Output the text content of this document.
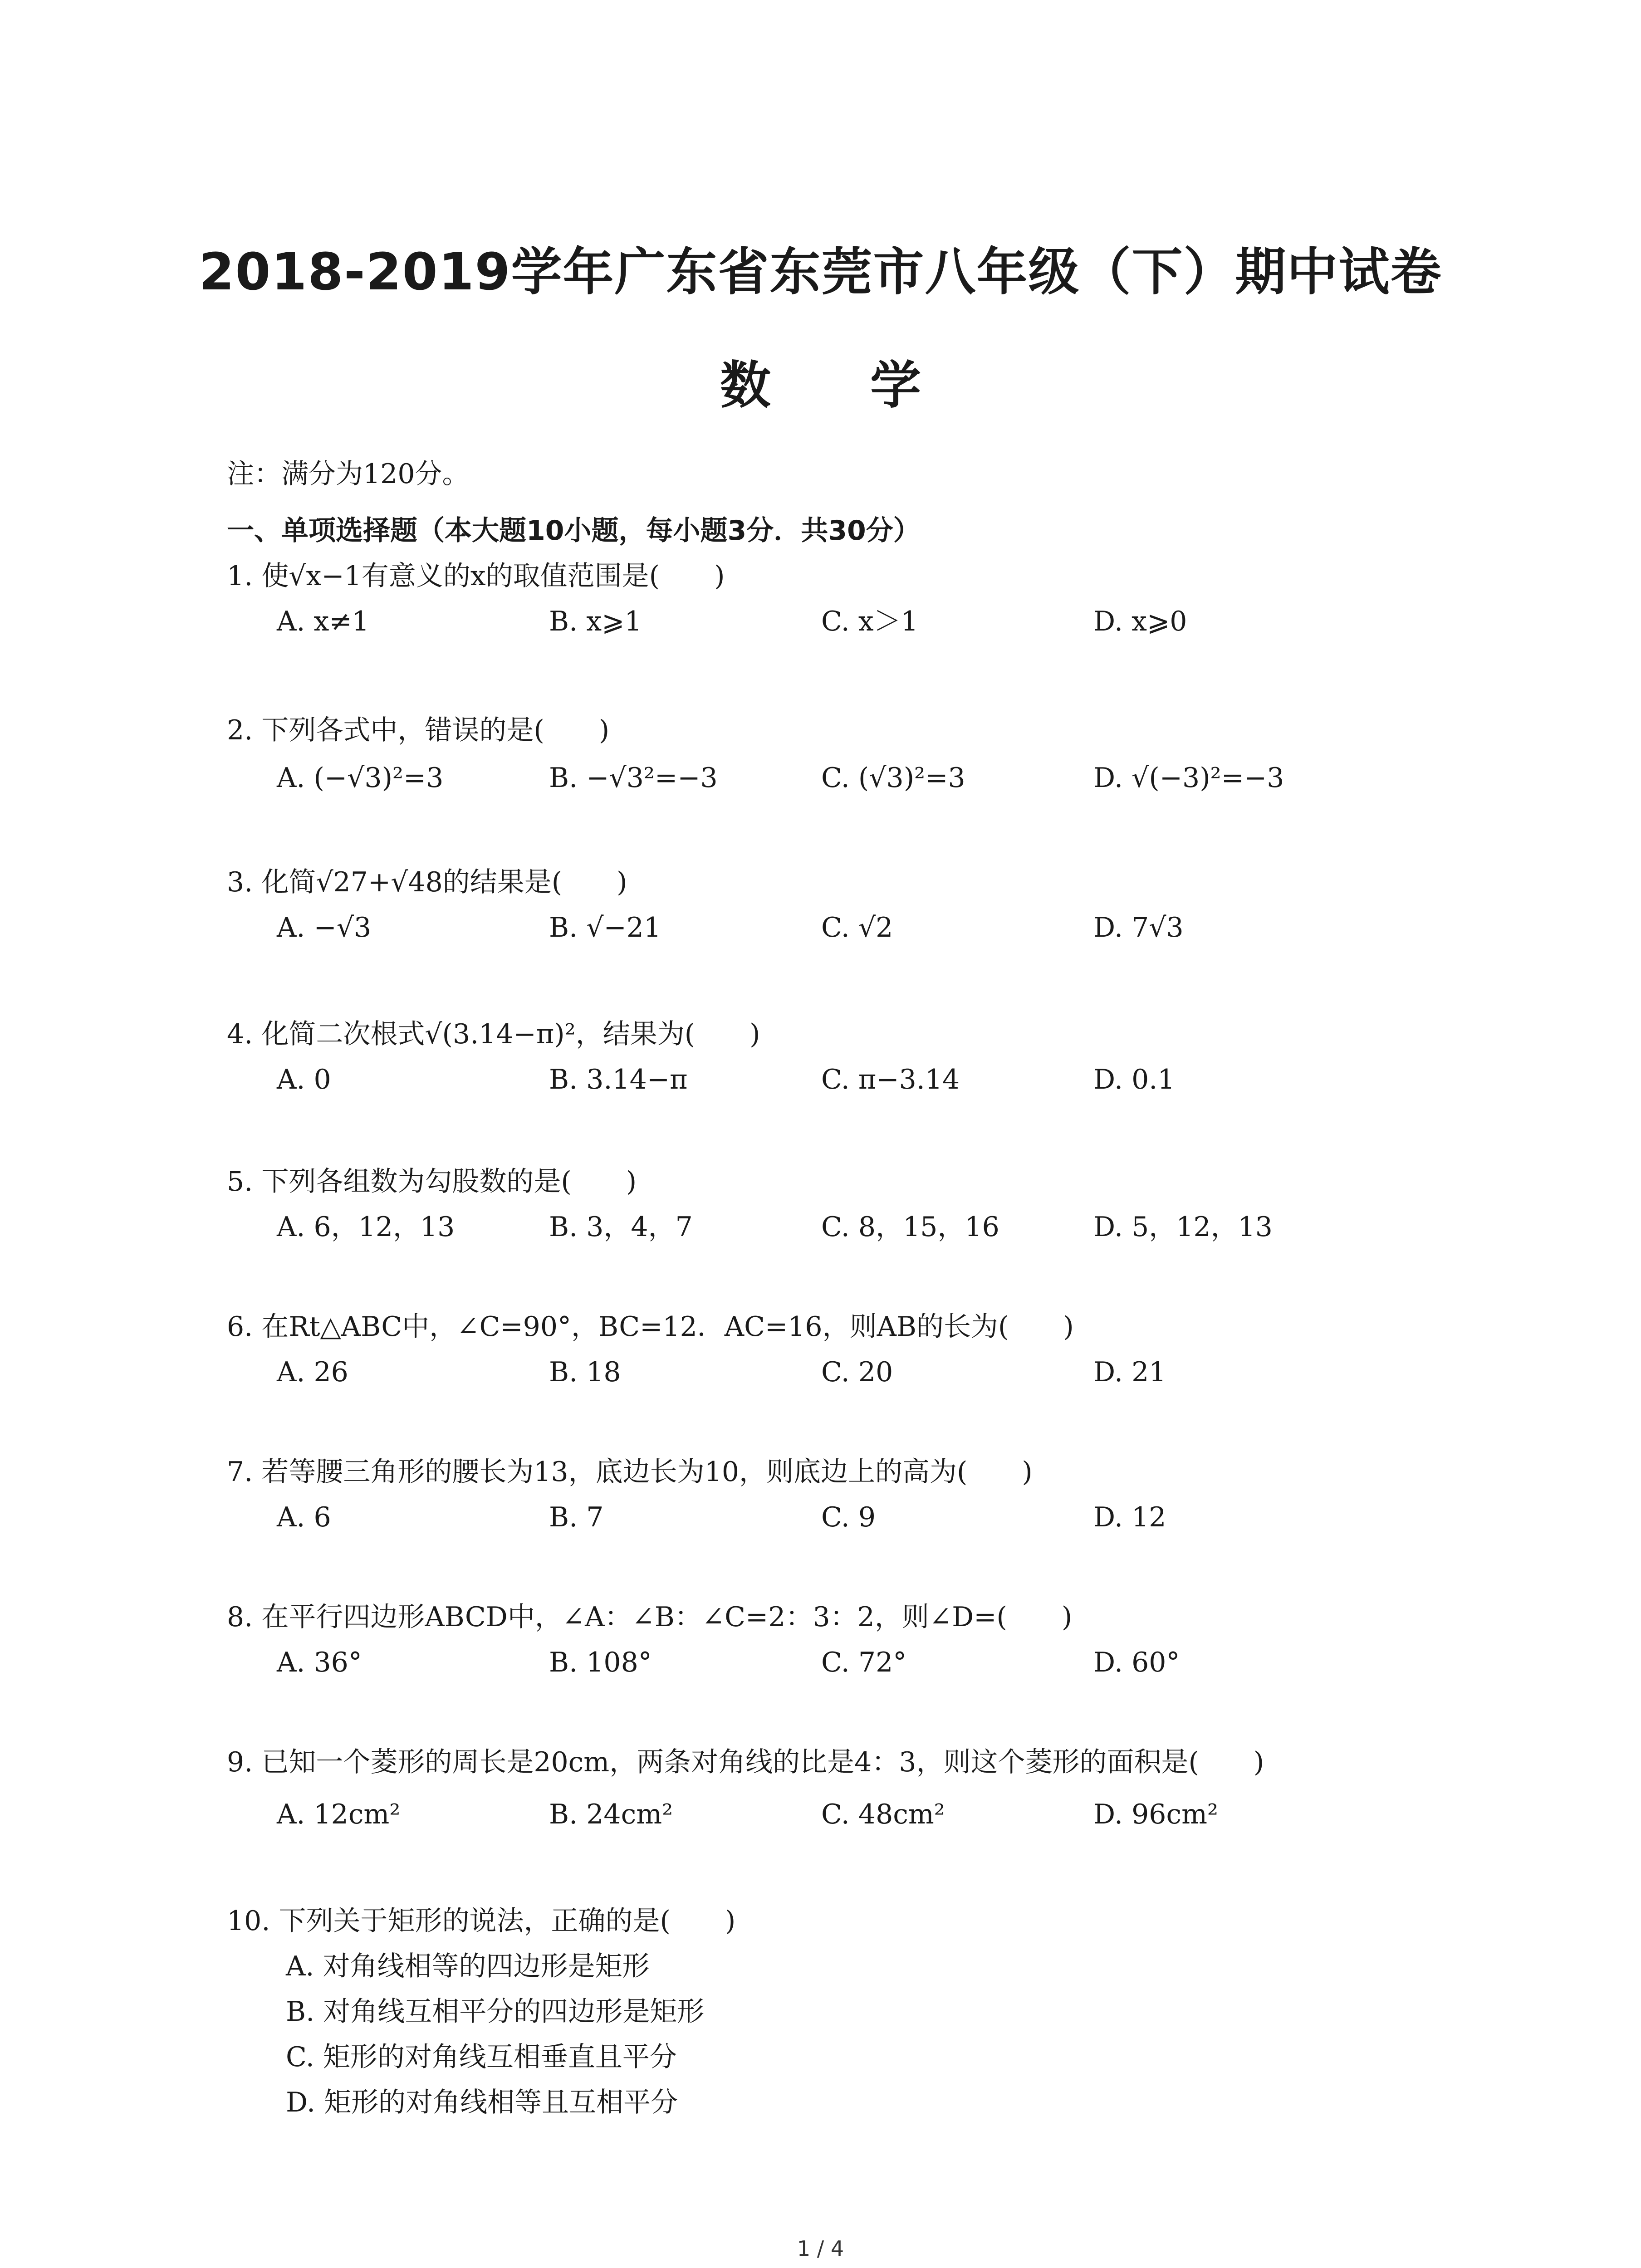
2018-2019学年广东省东莞市八年级（下）期中试卷
数 学
注：满分为120分。
一、单项选择题（本大题10小题，每小题3分．共30分）
1. 使√x−1有意义的x的取值范围是(　　)
A. x≠1	B. x⩾1	C. x＞1	D. x⩾0
2. 下列各式中，错误的是(　　)
A. (−√3)²=3	B. −√3²=−3	C. (√3)²=3	D. √(−3)²=−3
3. 化简√27+√48的结果是(　　)
A. −√3	B. √−21	C. √2	D. 7√3
4. 化简二次根式√(3.14−π)²，结果为(　　)
A. 0	B. 3.14−π	C. π−3.14	D. 0.1
5. 下列各组数为勾股数的是(　　)
A. 6，12，13	B. 3，4，7	C. 8，15，16	D. 5，12，13
6. 在Rt△ABC中，∠C=90°，BC=12．AC=16，则AB的长为(　　)
A. 26	B. 18	C. 20	D. 21
7. 若等腰三角形的腰长为13，底边长为10，则底边上的高为(　　)
A. 6	B. 7	C. 9	D. 12
8. 在平行四边形ABCD中，∠A：∠B：∠C=2：3：2，则∠D=(　　)
A. 36°	B. 108°	C. 72°	D. 60°
9. 已知一个菱形的周长是20cm，两条对角线的比是4：3，则这个菱形的面积是(　　)
A. 12cm²	B. 24cm²	C. 48cm²	D. 96cm²
10. 下列关于矩形的说法，正确的是(　　)
A. 对角线相等的四边形是矩形
B. 对角线互相平分的四边形是矩形
C. 矩形的对角线互相垂直且平分
D. 矩形的对角线相等且互相平分
1 / 4
